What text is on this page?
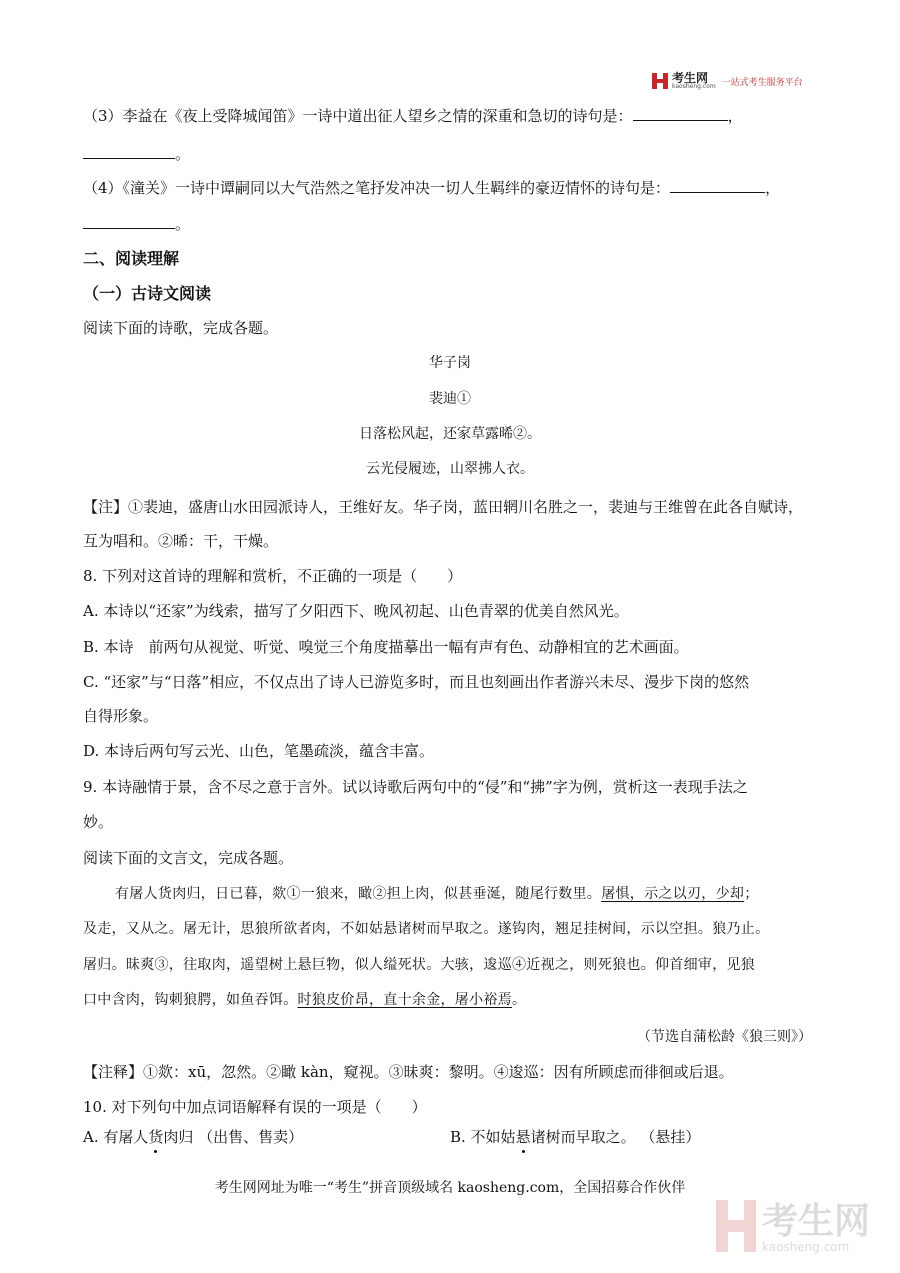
考生网
kaosheng.com 一站式考生服务平台
（3）李益在《夜上受降城闻笛》一诗中道出征人望乡之情的深重和急切的诗句是：	，
。
（4）《潼关》一诗中谭嗣同以大气浩然之笔抒发冲决一切人生羁绊的豪迈情怀的诗句是：	，
。
二、阅读理解
（一）古诗文阅读
阅读下面的诗歌，完成各题。
华子岗
裴迪①
日落松风起，还家草露晞②。
云光侵履迹，山翠拂人衣。
【注】①裴迪，盛唐山水田园派诗人，王维好友。华子岗，蓝田辋川名胜之一，裴迪与王维曾在此各自赋诗，
互为唱和。②晞：干，干燥。
8. 下列对这首诗的理解和赏析，不正确的一项是（　　）
A. 本诗以“还家”为线索，描写了夕阳西下、晚风初起、山色青翠的优美自然风光。
B. 本诗　前两句从视觉、听觉、嗅觉三个角度描摹出一幅有声有色、动静相宜的艺术画面。
C. “还家”与“日落”相应，不仅点出了诗人已游览多时，而且也刻画出作者游兴未尽、漫步下岗的悠然
自得形象。
D. 本诗后两句写云光、山色，笔墨疏淡，蕴含丰富。
9. 本诗融情于景，含不尽之意于言外。试以诗歌后两句中的“侵”和“拂”字为例，赏析这一表现手法之
妙。
阅读下面的文言文，完成各题。
有屠人货肉归，日已暮，欻①一狼来，瞰②担上肉，似甚垂涎，随尾行数里。屠惧，示之以刃，少却；
及走，又从之。屠无计，思狼所欲者肉，不如姑悬诸树而早取之。遂钩肉，翘足挂树间，示以空担。狼乃止。
屠归。昧爽③，往取肉，遥望树上悬巨物，似人缢死状。大骇，逡巡④近视之，则死狼也。仰首细审，见狼
口中含肉，钩刺狼腭，如鱼吞饵。时狼皮价昂，直十余金，屠小裕焉。
（节选自蒲松龄《狼三则》）
【注释】①欻：xū，忽然。②瞰 kàn，窥视。③昧爽：黎明。④逡巡：因有所顾虑而徘徊或后退。
10. 对下列句中加点词语解释有误的一项是（　　）
A. 有屠人货肉归 （出售、售卖）	B. 不如姑悬诸树而早取之。 （悬挂）
考生网网址为唯一“考生”拼音顶级域名 kaosheng.com，全国招募合作伙伴
考生网
kaosheng.com
